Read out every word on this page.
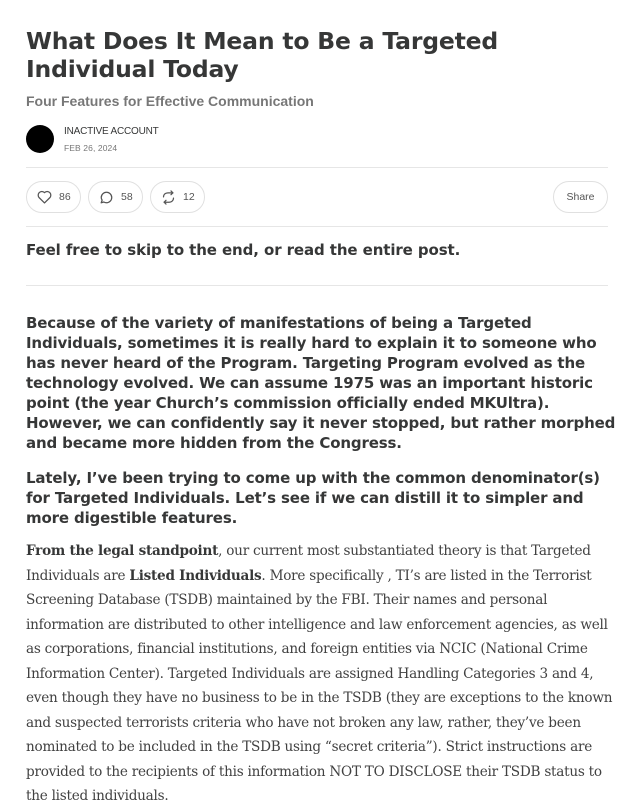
What Does It Mean to Be a Targeted Individual Today
Four Features for Effective Communication
INACTIVE ACCOUNT
FEB 26, 2024
86	58	12	Share

Feel free to skip to the end, or read the entire post.

Because of the variety of manifestations of being a Targeted Individuals, sometimes it is really hard to explain it to someone who has never heard of the Program. Targeting Program evolved as the technology evolved. We can assume 1975 was an important historic point (the year Church’s commission officially ended MKUltra). However, we can confidently say it never stopped, but rather morphed and became more hidden from the Congress.

Lately, I’ve been trying to come up with the common denominator(s) for Targeted Individuals. Let’s see if we can distill it to simpler and more digestible features.

From the legal standpoint, our current most substantiated theory is that Targeted Individuals are Listed Individuals. More specifically , TI’s are listed in the Terrorist Screening Database (TSDB) maintained by the FBI. Their names and personal information are distributed to other intelligence and law enforcement agencies, as well as corporations, financial institutions, and foreign entities via NCIC (National Crime Information Center). Targeted Individuals are assigned Handling Categories 3 and 4, even though they have no business to be in the TSDB (they are exceptions to the known and suspected terrorists criteria who have not broken any law, rather, they’ve been nominated to be included in the TSDB using “secret criteria”). Strict instructions are provided to the recipients of this information NOT TO DISCLOSE their TSDB status to the listed individuals.
